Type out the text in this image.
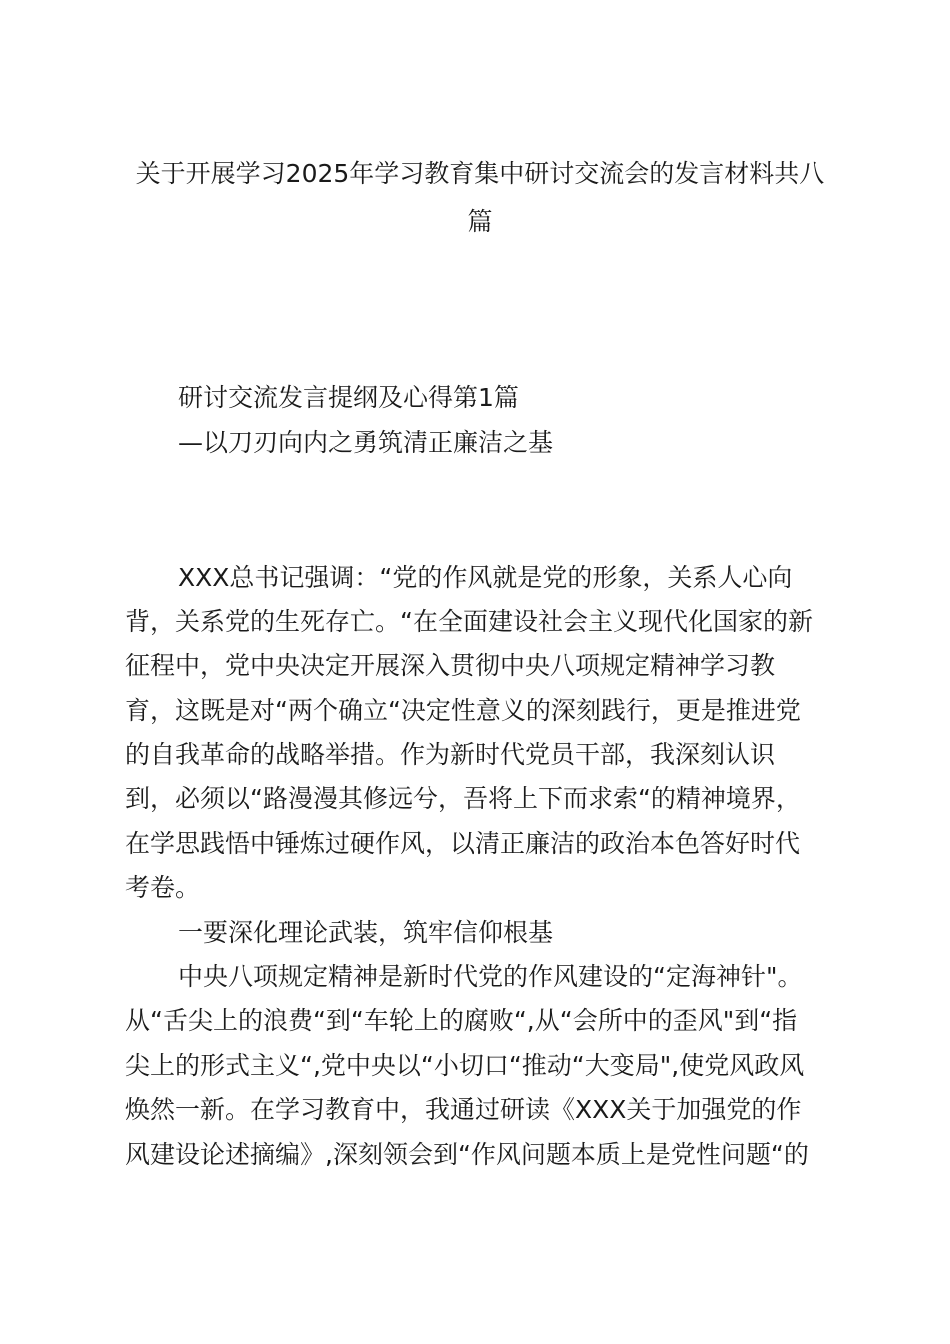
关于开展学习2025年学习教育集中研讨交流会的发言材料共八篇

研讨交流发言提纲及心得第1篇

—以刀刃向内之勇筑清正廉洁之基

XXX总书记强调：“党的作风就是党的形象，关系人心向

背，关系党的生死存亡。“在全面建设社会主义现代化国家的新

征程中，党中央决定开展深入贯彻中央八项规定精神学习教

育，这既是对“两个确立“决定性意义的深刻践行，更是推进党

的自我革命的战略举措。作为新时代党员干部，我深刻认识

到，必须以“路漫漫其修远兮，吾将上下而求索“的精神境界，

在学思践悟中锤炼过硬作风，以清正廉洁的政治本色答好时代

考卷。

一要深化理论武装，筑牢信仰根基

中央八项规定精神是新时代党的作风建设的“定海神针"。

从“舌尖上的浪费“到“车轮上的腐败“,从“会所中的歪风"到“指

尖上的形式主义“,党中央以“小切口“推动“大变局",使党风政风

焕然一新。在学习教育中，我通过研读《XXX关于加强党的作

风建设论述摘编》,深刻领会到“作风问题本质上是党性问题“的
